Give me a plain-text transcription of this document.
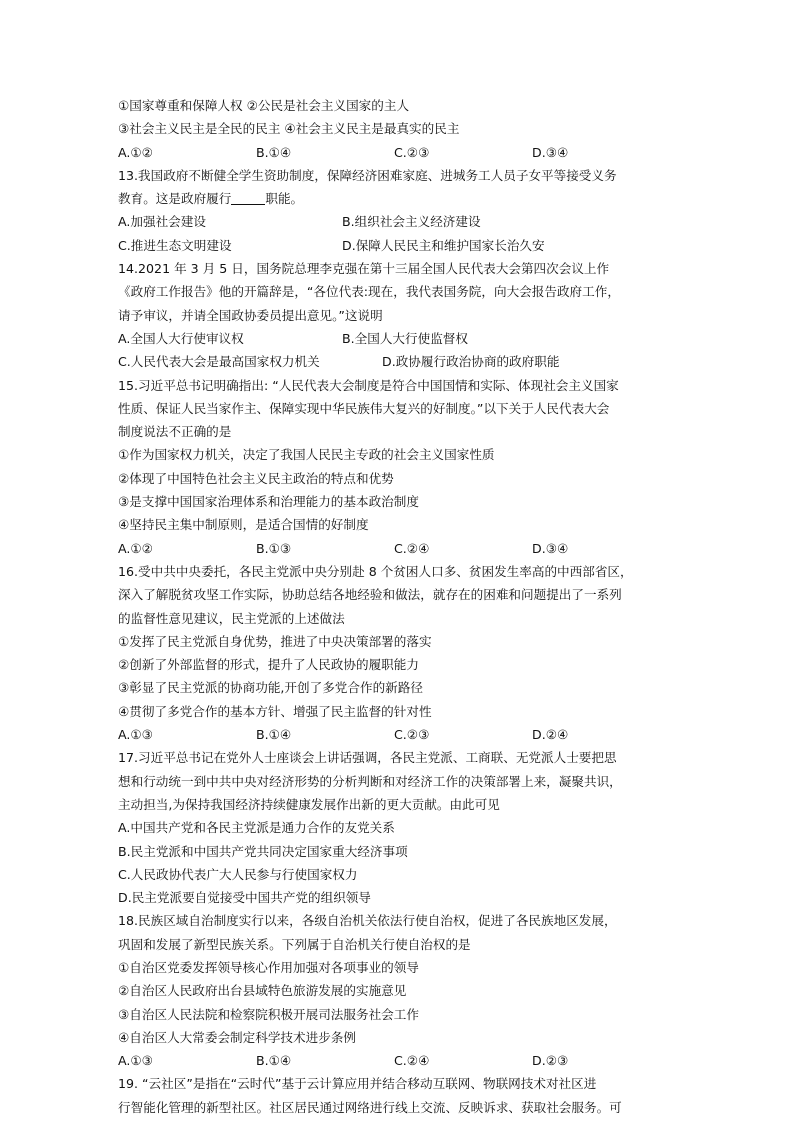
①国家尊重和保障人权 ②公民是社会主义国家的主人
③社会主义民主是全民的民主 ④社会主义民主是最真实的民主
A.①②	B.①④	C.②③	D.③④
13.我国政府不断健全学生资助制度，保障经济困难家庭、进城务工人员子女平等接受义务
教育。这是政府履行	职能。
A.加强社会建设	B.组织社会主义经济建设
C.推进生态文明建设	D.保障人民民主和维护国家长治久安
14.2021 年 3 月 5 日，国务院总理李克强在第十三届全国人民代表大会第四次会议上作
《政府工作报告》他的开篇辞是，“各位代表:现在，我代表国务院，向大会报告政府工作，
请予审议，并请全国政协委员提出意见。”这说明
A.全国人大行使审议权	B.全国人大行使监督权
C.人民代表大会是最高国家权力机关	D.政协履行政治协商的政府职能
15.习近平总书记明确指出: “人民代表大会制度是符合中国国情和实际、体现社会主义国家
性质、保证人民当家作主、保障实现中华民族伟大复兴的好制度。”以下关于人民代表大会
制度说法不正确的是
①作为国家权力机关，决定了我国人民民主专政的社会主义国家性质
②体现了中国特色社会主义民主政治的特点和优势
③是支撑中国国家治理体系和治理能力的基本政治制度
④坚持民主集中制原则，是适合国情的好制度
A.①②	B.①③	C.②④	D.③④
16.受中共中央委托，各民主党派中央分别赴 8 个贫困人口多、贫困发生率高的中西部省区，
深入了解脱贫攻坚工作实际，协助总结各地经验和做法，就存在的困难和问题提出了一系列
的监督性意见建议，民主党派的上述做法
①发挥了民主党派自身优势，推进了中央决策部署的落实
②创新了外部监督的形式，提升了人民政协的履职能力
③彰显了民主党派的协商功能,开创了多党合作的新路径
④贯彻了多党合作的基本方针、增强了民主监督的针对性
A.①③	B.①④	C.②③	D.②④
17.习近平总书记在党外人士座谈会上讲话强调，各民主党派、工商联、无党派人士要把思
想和行动统一到中共中央对经济形势的分析判断和对经济工作的决策部署上来，凝聚共识，
主动担当,为保持我国经济持续健康发展作出新的更大贡献。由此可见
A.中国共产党和各民主党派是通力合作的友党关系
B.民主党派和中国共产党共同决定国家重大经济事项
C.人民政协代表广大人民参与行使国家权力
D.民主党派要自觉接受中国共产党的组织领导
18.民族区域自治制度实行以来，各级自治机关依法行使自治权，促进了各民族地区发展，
巩固和发展了新型民族关系。下列属于自治机关行使自治权的是
①自治区党委发挥领导核心作用加强对各项事业的领导
②自治区人民政府出台县域特色旅游发展的实施意见
③自治区人民法院和检察院积极开展司法服务社会工作
④自治区人大常委会制定科学技术进步条例
A.①③	B.①④	C.②④	D.②③
19. “云社区”是指在“云时代”基于云计算应用并结合移动互联网、物联网技术对社区进
行智能化管理的新型社区。社区居民通过网络进行线上交流、反映诉求、获取社会服务。可
